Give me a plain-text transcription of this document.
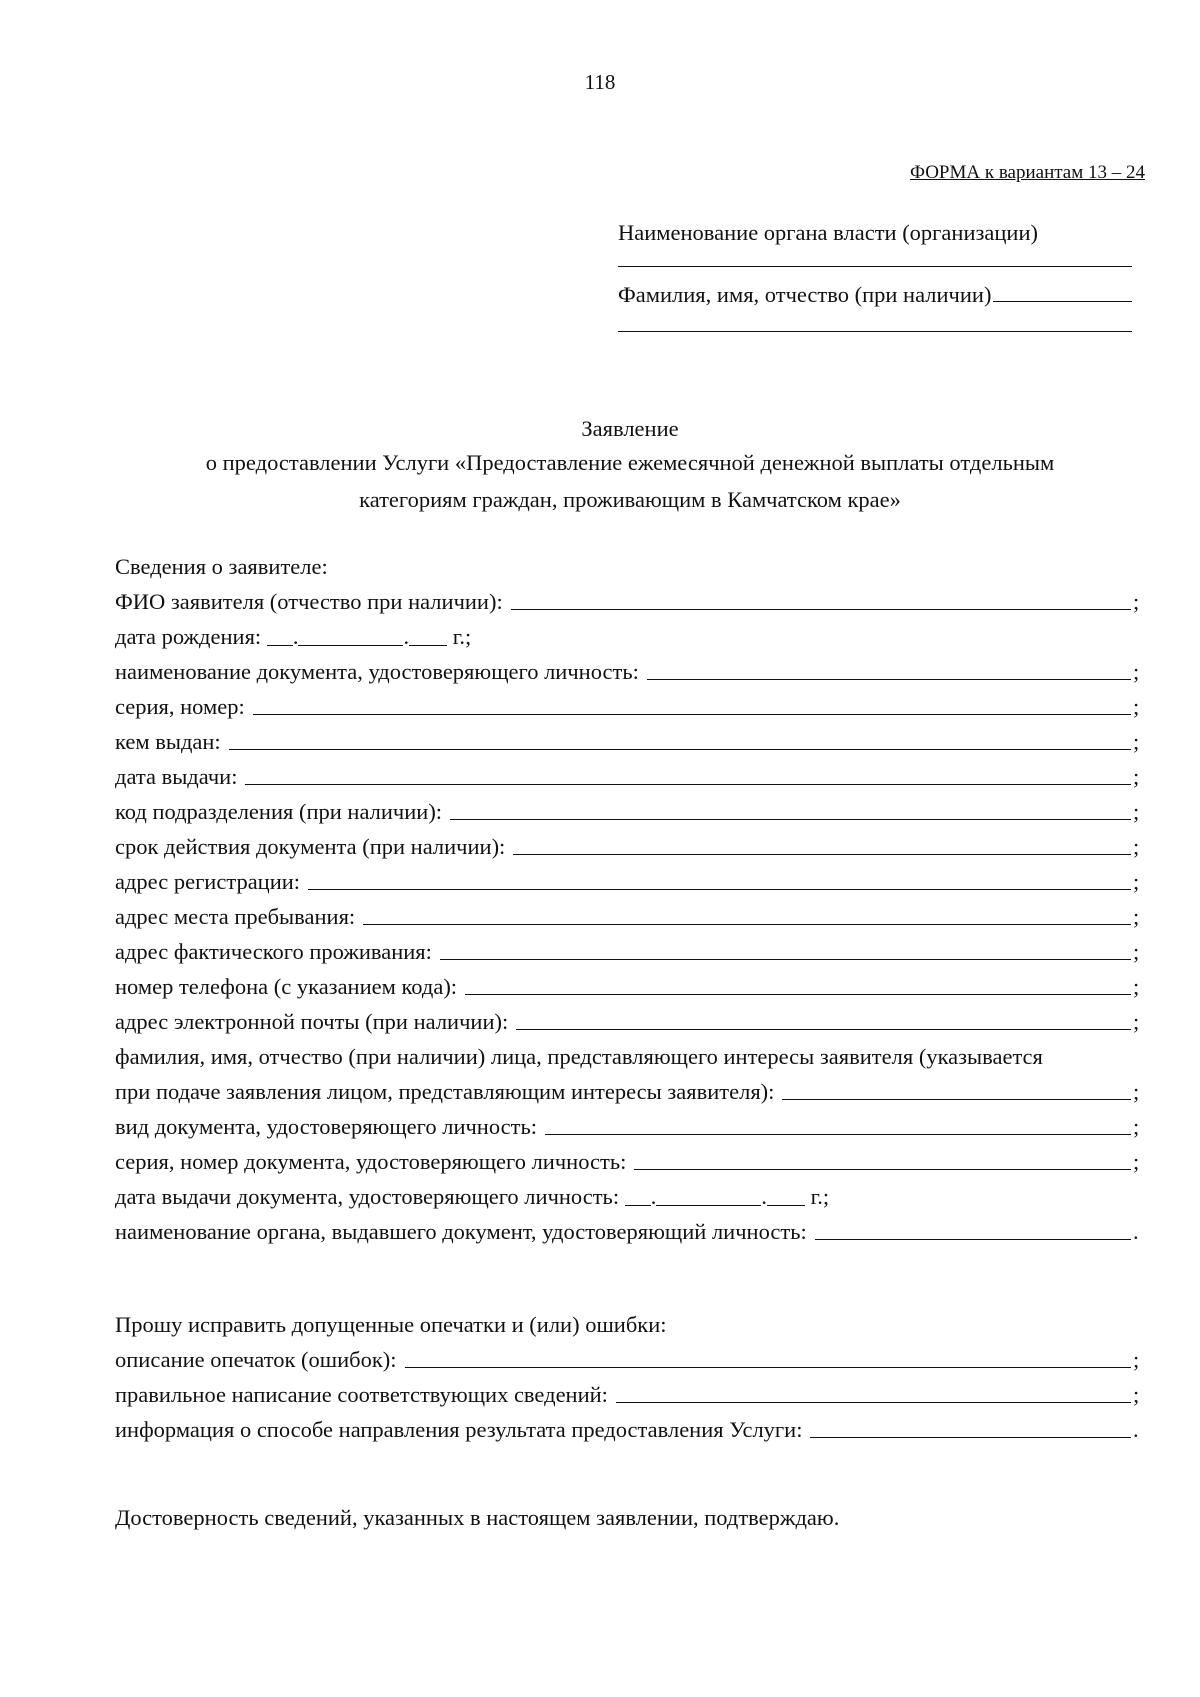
118
ФОРМА к вариантам 13 – 24
Наименование органа власти (организации)
Фамилия, имя, отчество (при наличии)
Заявление
о предоставлении Услуги «Предоставление ежемесячной денежной выплаты отдельным
категориям граждан, проживающим в Камчатском крае»
Сведения о заявителе:
ФИО заявителя (отчество при наличии):	;
дата рождения:	.	.	г.;
наименование документа, удостоверяющего личность:	;
серия, номер:	;
кем выдан:	;
дата выдачи:	;
код подразделения (при наличии):	;
срок действия документа (при наличии):	;
адрес регистрации:	;
адрес места пребывания:	;
адрес фактического проживания:	;
номер телефона (с указанием кода):	;
адрес электронной почты (при наличии):	;
фамилия, имя, отчество (при наличии) лица, представляющего интересы заявителя (указывается
при подаче заявления лицом, представляющим интересы заявителя):	;
вид документа, удостоверяющего личность:	;
серия, номер документа, удостоверяющего личность:	;
дата выдачи документа, удостоверяющего личность:	.	.	г.;
наименование органа, выдавшего документ, удостоверяющий личность:	.
Прошу исправить допущенные опечатки и (или) ошибки:
описание опечаток (ошибок):	;
правильное написание соответствующих сведений:	;
информация о способе направления результата предоставления Услуги:	.
Достоверность сведений, указанных в настоящем заявлении, подтверждаю.
